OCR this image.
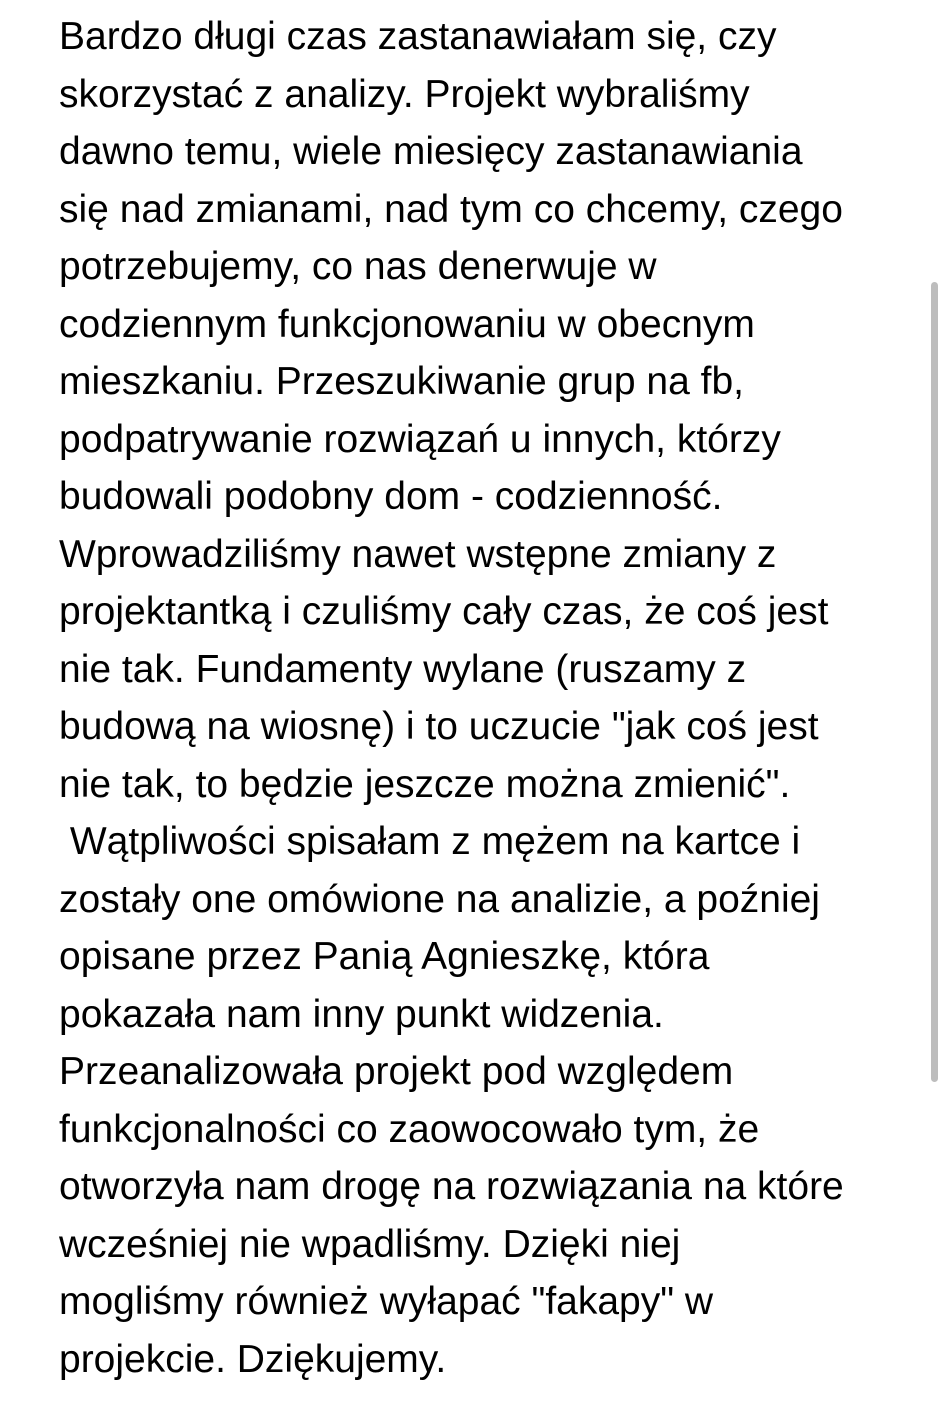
Bardzo długi czas zastanawiałam się, czy
skorzystać z analizy. Projekt wybraliśmy
dawno temu, wiele miesięcy zastanawiania
się nad zmianami, nad tym co chcemy, czego
potrzebujemy, co nas denerwuje w
codziennym funkcjonowaniu w obecnym
mieszkaniu. Przeszukiwanie grup na fb,
podpatrywanie rozwiązań u innych, którzy
budowali podobny dom - codzienność.
Wprowadziliśmy nawet wstępne zmiany z
projektantką i czuliśmy cały czas, że coś jest
nie tak. Fundamenty wylane (ruszamy z
budową na wiosnę) i to uczucie "jak coś jest
nie tak, to będzie jeszcze można zmienić".
Wątpliwości spisałam z mężem na kartce i
zostały one omówione na analizie, a poźniej
opisane przez Panią Agnieszkę, która
pokazała nam inny punkt widzenia.
Przeanalizowała projekt pod względem
funkcjonalności co zaowocowało tym, że
otworzyła nam drogę na rozwiązania na które
wcześniej nie wpadliśmy. Dzięki niej
mogliśmy również wyłapać "fakapy" w
projekcie. Dziękujemy.
